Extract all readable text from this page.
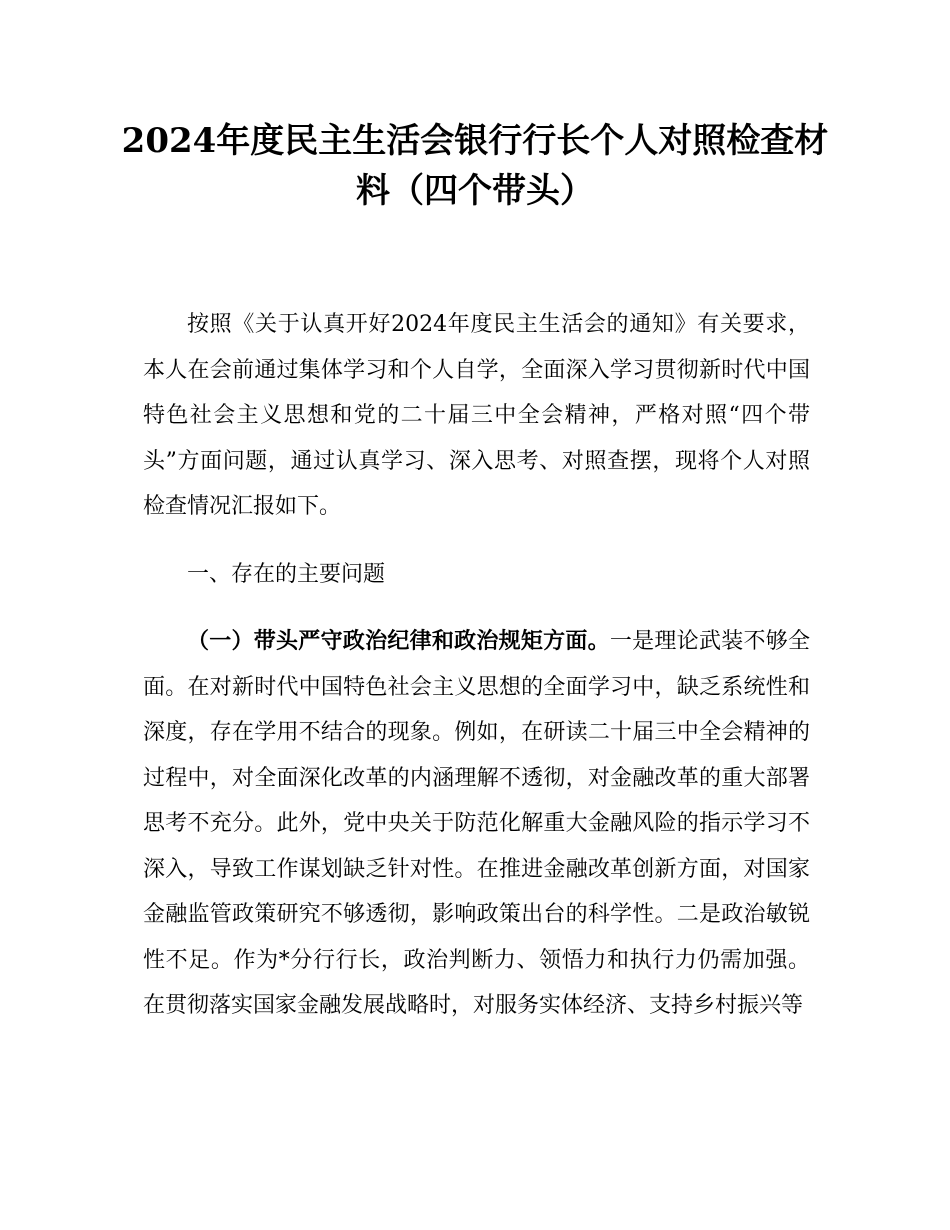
2024年度民主生活会银行行长个人对照检查材料（四个带头）

按照《关于认真开好2024年度民主生活会的通知》有关要求，本人在会前通过集体学习和个人自学，全面深入学习贯彻新时代中国特色社会主义思想和党的二十届三中全会精神，严格对照“四个带头”方面问题，通过认真学习、深入思考、对照查摆，现将个人对照检查情况汇报如下。

一、存在的主要问题

（一）带头严守政治纪律和政治规矩方面。一是理论武装不够全面。在对新时代中国特色社会主义思想的全面学习中，缺乏系统性和深度，存在学用不结合的现象。例如，在研读二十届三中全会精神的过程中，对全面深化改革的内涵理解不透彻，对金融改革的重大部署思考不充分。此外，党中央关于防范化解重大金融风险的指示学习不深入，导致工作谋划缺乏针对性。在推进金融改革创新方面，对国家金融监管政策研究不够透彻，影响政策出台的科学性。二是政治敏锐性不足。作为*分行行长，政治判断力、领悟力和执行力仍需加强。在贯彻落实国家金融发展战略时，对服务实体经济、支持乡村振兴等
